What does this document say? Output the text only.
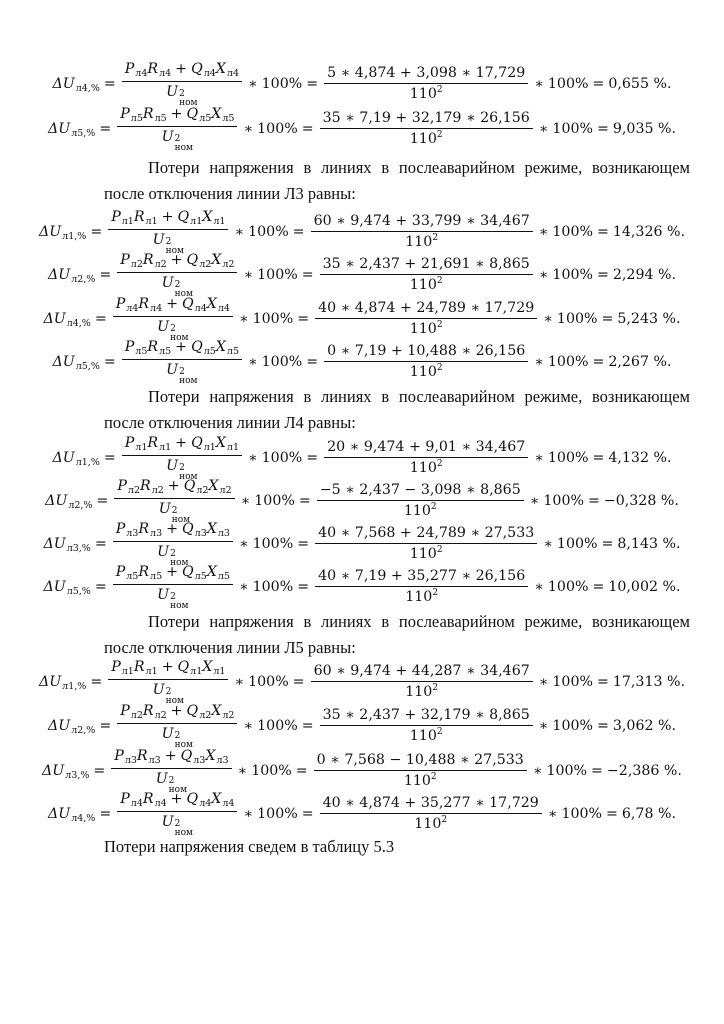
$\Delta U_{л4,\%} = P_{л4}R_{л4} + Q_{л4}X_{л4}$
U 2
ном ∗ $100\% = \frac{5 ∗ 4,874 + 3,098 ∗ 17,729}{110^2}$ ∗ 100% = 0,655 %.
$\Delta U_{л5,\%} = P_{л5}R_{л5} + Q_{л5}X_{л5}$
U 2
ном ∗ $100\% = \frac{35 ∗ 7,19 + 32,179 ∗ 26,156}{110^2}$ ∗ 100% = 9,035 %.
Потери напряжения в линиях в послеаварийном режиме, возникающем
после отключения линии Л3 равны:
$\Delta U_{л1,\%} = P_{л1}R_{л1} + Q_{л1}X_{л1}$
U 2
ном ∗ $100\% = \frac{60 ∗ 9,474 + 33,799 ∗ 34,467}{110^2}$ ∗ 100% = 14,326 %.
$\Delta U_{л2,\%} = P_{л2}R_{л2} + Q_{л2}X_{л2}$
U 2
ном ∗ $100\% = \frac{35 ∗ 2,437 + 21,691 ∗ 8,865}{110^2}$ ∗ 100% = 2,294 %.
$\Delta U_{л4,\%} = P_{л4}R_{л4} + Q_{л4}X_{л4}$
U 2
ном ∗ $100\% = \frac{40 ∗ 4,874 + 24,789 ∗ 17,729}{110^2}$ ∗ 100% = 5,243 %.
$\Delta U_{л5,\%} = P_{л5}R_{л5} + Q_{л5}X_{л5}$
U 2
ном ∗ $100\% = \frac{0 ∗ 7,19 + 10,488 ∗ 26,156}{110^2}$ ∗ 100% = 2,267 %.
Потери напряжения в линиях в послеаварийном режиме, возникающем
после отключения линии Л4 равны:
$\Delta U_{л1,\%} = P_{л1}R_{л1} + Q_{л1}X_{л1}$
U 2
ном ∗ $100\% = \frac{20 ∗ 9,474 + 9,01 ∗ 34,467}{110^2}$ ∗ 100% = 4,132 %.
$\Delta U_{л2,\%} = P_{л2}R_{л2} + Q_{л2}X_{л2}$
U 2
ном ∗ $100\% = \frac{-5 ∗ 2,437 - 3,098 ∗ 8,865}{110^2}$ ∗ 100% = −0,328 %.
$\Delta U_{л3,\%} = P_{л3}R_{л3} + Q_{л3}X_{л3}$
U 2
ном ∗ $100\% = \frac{40 ∗ 7,568 + 24,789 ∗ 27,533}{110^2}$ ∗ 100% = 8,143 %.
$\Delta U_{л5,\%} = P_{л5}R_{л5} + Q_{л5}X_{л5}$
U 2
ном ∗ $100\% = \frac{40 ∗ 7,19 + 35,277 ∗ 26,156}{110^2}$ ∗ 100% = 10,002 %.
Потери напряжения в линиях в послеаварийном режиме, возникающем
после отключения линии Л5 равны:
$\Delta U_{л1,\%} = P_{л1}R_{л1} + Q_{л1}X_{л1}$
U 2
ном ∗ $100\% = \frac{60 ∗ 9,474 + 44,287 ∗ 34,467}{110^2}$ ∗ 100% = 17,313 %.
$\Delta U_{л2,\%} = P_{л2}R_{л2} + Q_{л2}X_{л2}$
U 2
ном ∗ $100\% = \frac{35 ∗ 2,437 + 32,179 ∗ 8,865}{110^2}$ ∗ 100% = 3,062 %.
$\Delta U_{л3,\%} = P_{л3}R_{л3} + Q_{л3}X_{л3}$
U 2
ном ∗ $100\% = \frac{0 ∗ 7,568 - 10,488 ∗ 27,533}{110^2}$ ∗ 100% = −2,386 %.
$\Delta U_{л4,\%} = P_{л4}R_{л4} + Q_{л4}X_{л4}$
U 2
ном ∗ $100\% = \frac{40 ∗ 4,874 + 35,277 ∗ 17,729}{110^2}$ ∗ 100% = 6,78 %.
Потери напряжения сведем в таблицу 5.3
